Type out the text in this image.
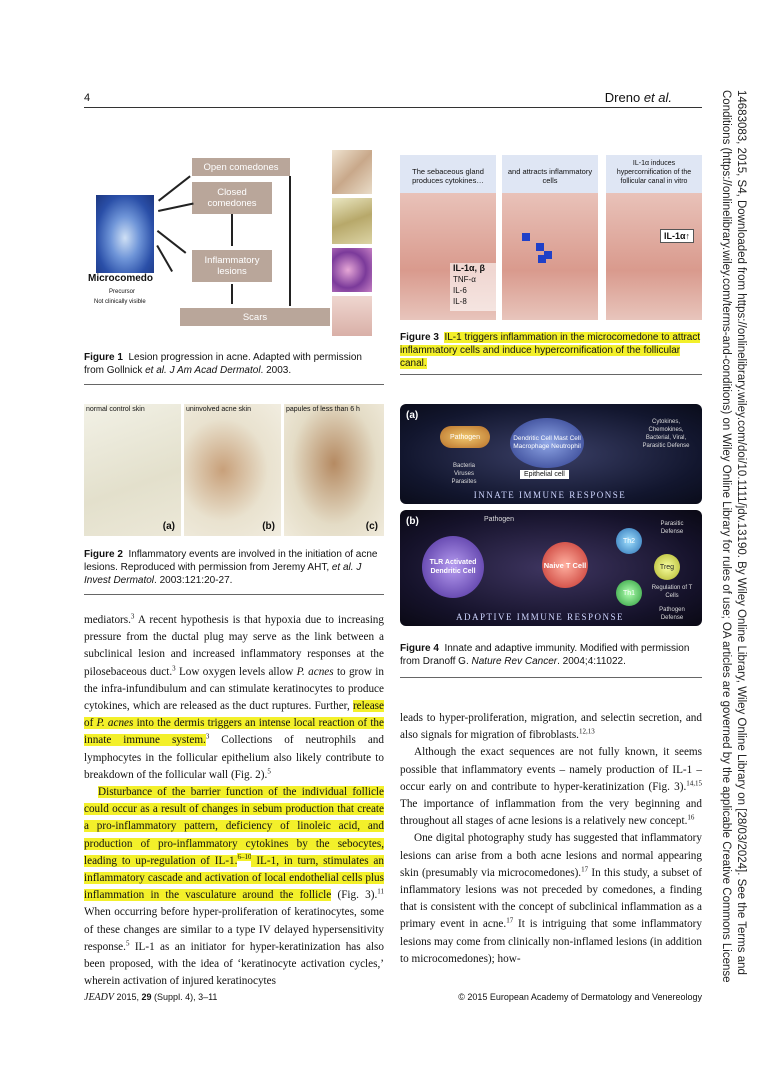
4	Dreno et al.
Microcomedo
Precursor
Not clinically visible
Open comedones
Closed comedones
Inflammatory lesions
Scars
Figure 1 Lesion progression in acne. Adapted with permission from Gollnick et al. J Am Acad Dermatol. 2003.
normal control skin
(a)
uninvolved acne skin
(b)
papules of less than 6 h
(c)
Figure 2 Inflammatory events are involved in the initiation of acne lesions. Reproduced with permission from Jeremy AHT, et al. J Invest Dermatol. 2003:121:20-27.
The sebaceous gland produces cytokines…
IL-1α, β
TNF-α
IL-6
IL-8
and attracts inflammatory cells
IL-1α induces hypercornification of the follicular canal in vitro
IL-1α↑
Figure 3 IL-1 triggers inflammation in the microcomedone to attract inflammatory cells and induce hypercornification of the follicular canal.
(a)
Pathogen
Bacteria Viruses Parasites
Dendritic Cell Mast Cell Macrophage Neutrophil
Epithelial cell
Cytokines, Chemokines, Bacterial, Viral, Parasitic Defense
INNATE IMMUNE RESPONSE
(b)	Pathogen
TLR Activated Dendritic Cell
Naive T Cell
Th2
Treg
Th1
Parasitic Defense
Regulation of T Cells
Pathogen Defense
ADAPTIVE IMMUNE RESPONSE
Figure 4 Innate and adaptive immunity. Modified with permission from Dranoff G. Nature Rev Cancer. 2004;4:11022.

mediators.$^3$ A recent hypothesis is that hypoxia due to increasing pressure from the ductal plug may serve as the link between a subclinical lesion and increased inflammatory responses at the pilosebaceous duct.$^3$ Low oxygen levels allow P. acnes to grow in the infra-infundibulum and can stimulate keratinocytes to produce cytokines, which are released as the duct ruptures. Further, release of P. acnes into the dermis triggers an intense local reaction of the innate immune system.$^3$ Collections of neutrophils and lymphocytes in the follicular epithelium also likely contribute to breakdown of the follicular wall (Fig. 2).$^5$

Disturbance of the barrier function of the individual follicle could occur as a result of changes in sebum production that create a pro-inflammatory pattern, deficiency of linoleic acid, and production of pro-inflammatory cytokines by the sebocytes, leading to up-regulation of IL-1.$^{6-10}$ IL-1, in turn, stimulates an inflammatory cascade and activation of local endothelial cells plus inflammation in the vasculature around the follicle (Fig. 3).$^{11}$ When occurring before hyper-proliferation of keratinocytes, some of these changes are similar to a type IV delayed hypersensitivity response.$^5$ IL-1 as an initiator for hyper-keratinization has also been proposed, with the idea of ‘keratinocyte activation cycles,’ wherein activation of injured keratinocytes

leads to hyper-proliferation, migration, and selectin secretion, and also signals for migration of fibroblasts.$^{12,13}$

Although the exact sequences are not fully known, it seems possible that inflammatory events – namely production of IL-1 – occur early on and contribute to hyper-keratinization (Fig. 3).$^{14,15}$ The importance of inflammation from the very beginning and throughout all stages of acne lesions is a relatively new concept.$^{16}$

One digital photography study has suggested that inflammatory lesions can arise from a both acne lesions and normal appearing skin (presumably via microcomedones).$^{17}$ In this study, a subset of inflammatory lesions was not preceded by comedones, a finding that is consistent with the concept of subclinical inflammation as a primary event in acne.$^{17}$ It is intriguing that some inflammatory lesions may come from clinically non-inflamed lesions (in addition to microcomedones); how-	14683083, 2015, S4, Downloaded from https://onlinelibrary.wiley.com/doi/10.1111/jdv.13190. By Wiley Online Library, Wiley Online Library on [28/03/2024]. See the Terms and Conditions (https://onlinelibrary.wiley.com/terms-and-conditions) on Wiley Online Library for rules of use; OA articles are governed by the applicable Creative Commons License
JEADV 2015, 29 (Suppl. 4), 3–11	© 2015 European Academy of Dermatology and Venereology
